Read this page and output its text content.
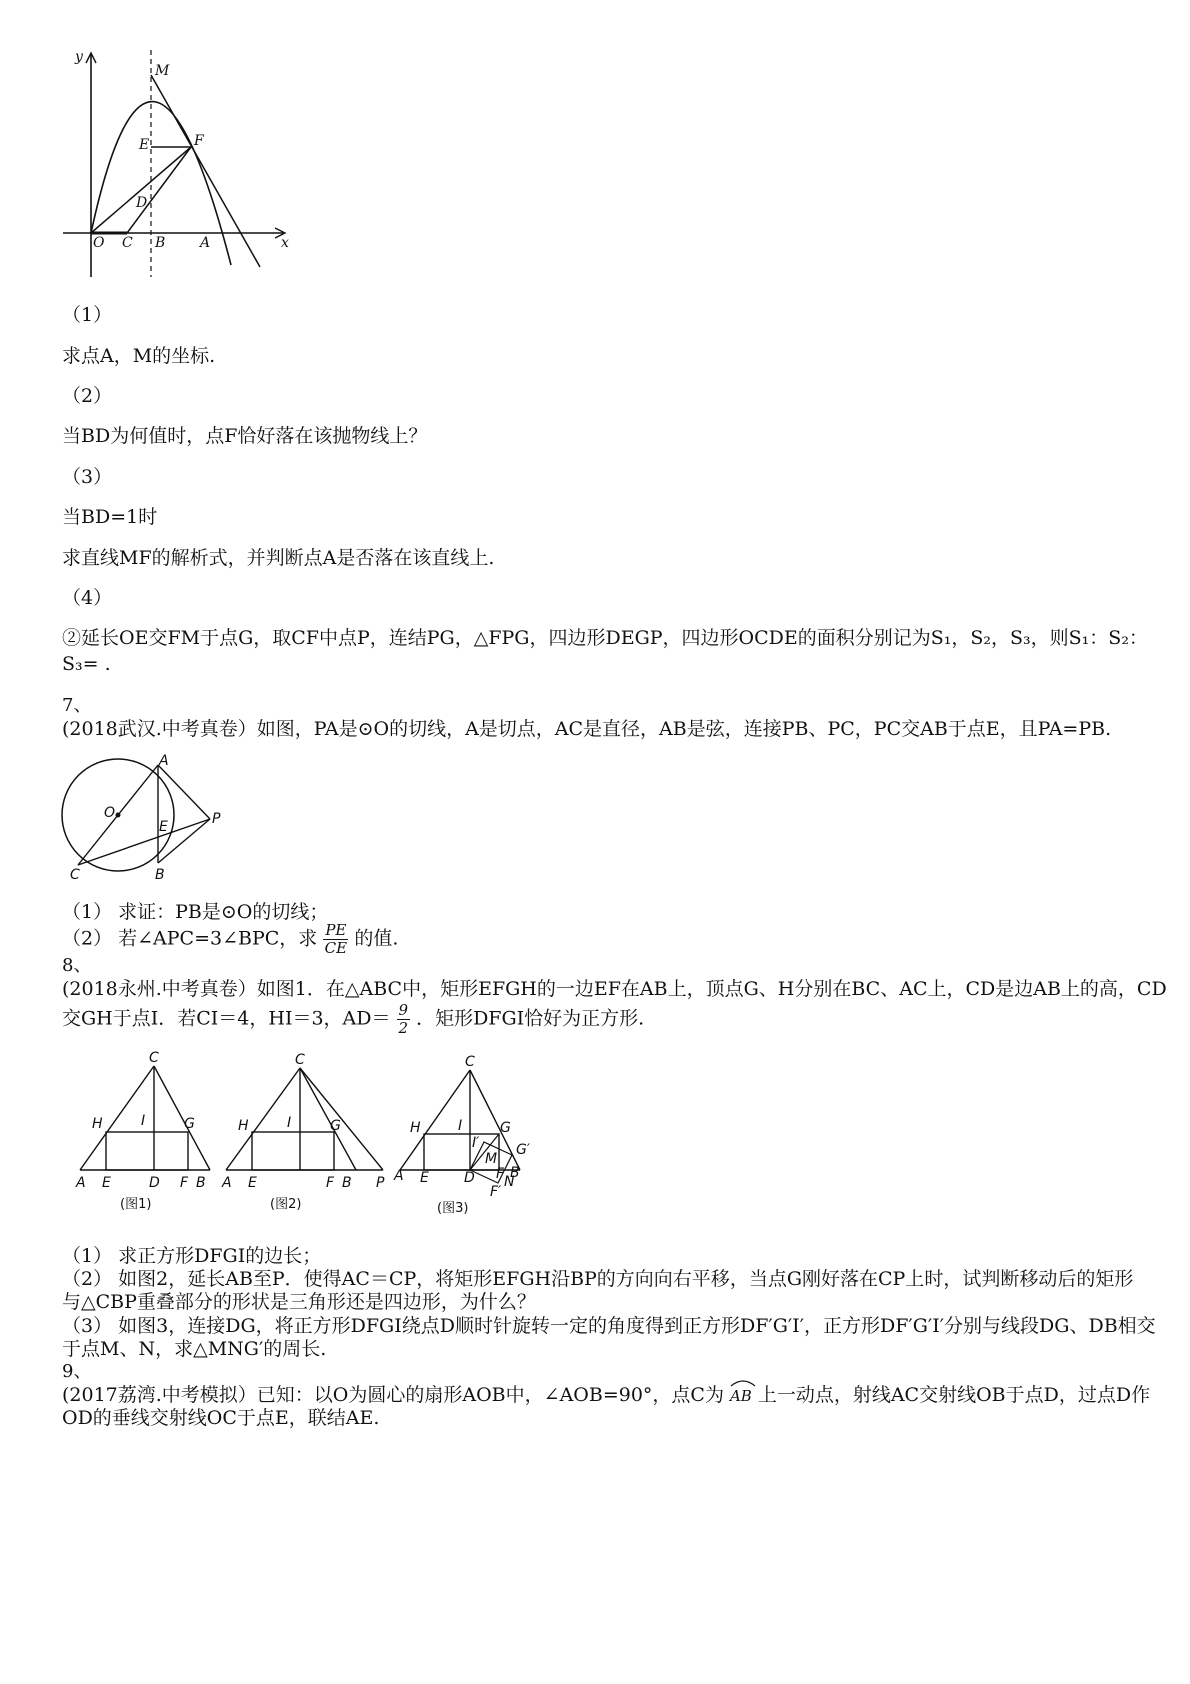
y
x
M
E	F
D
O C B A
（1）
求点A，M的坐标.
（2）
当BD为何值时，点F恰好落在该抛物线上？
（3）
当BD=1时
求直线MF的解析式，并判断点A是否落在该直线上.
（4）
②延长OE交FM于点G，取CF中点P，连结PG，△FPG，四边形DEGP，四边形OCDE的面积分别记为S₁，S₂，S₃，则S₁：S₂：
S₃= .
7、
(2018武汉.中考真卷）如图，PA是⊙O的切线，A是切点，AC是直径，AB是弦，连接PB、PC，PC交AB于点E，且PA=PB.
A
O
E	P
C	B
（1） 求证：PB是⊙O的切线；
（2） 若∠APC=3∠BPC，求 $\frac{PE}{CE}$ 的值.
8、
(2018永州.中考真卷）如图1．在△ABC中，矩形EFGH的一边EF在AB上，顶点G、H分别在BC、AC上，CD是边AB上的高，CD
交GH于点I．若CI＝4，HI＝3，$AD= \frac{9}{2}$ ．矩形DFGI恰好为正方形.
C
H	I	G
A E	D F B
(图1)
C
H	I	G
A E	F B P
(图2)
C
H	I	G
I′	G′
M
A E	D F B
N
F′
(图3)
（1） 求正方形DFGI的边长；
（2） 如图2，延长AB至P．使得AC＝CP，将矩形EFGH沿BP的方向向右平移，当点G刚好落在CP上时，试判断移动后的矩形
与△CBP重叠部分的形状是三角形还是四边形，为什么？
（3） 如图3，连接DG，将正方形DFGI绕点D顺时针旋转一定的角度得到正方形DF′G′I′，正方形DF′G′I′分别与线段DG、DB相交
于点M、N，求△MNG′的周长.
9、
(2017荔湾.中考模拟）已知：以O为圆心的扇形AOB中，∠AOB=90°，点C为 AB 上一动点，射线AC交射线OB于点D，过点D作
OD的垂线交射线OC于点E，联结AE.
